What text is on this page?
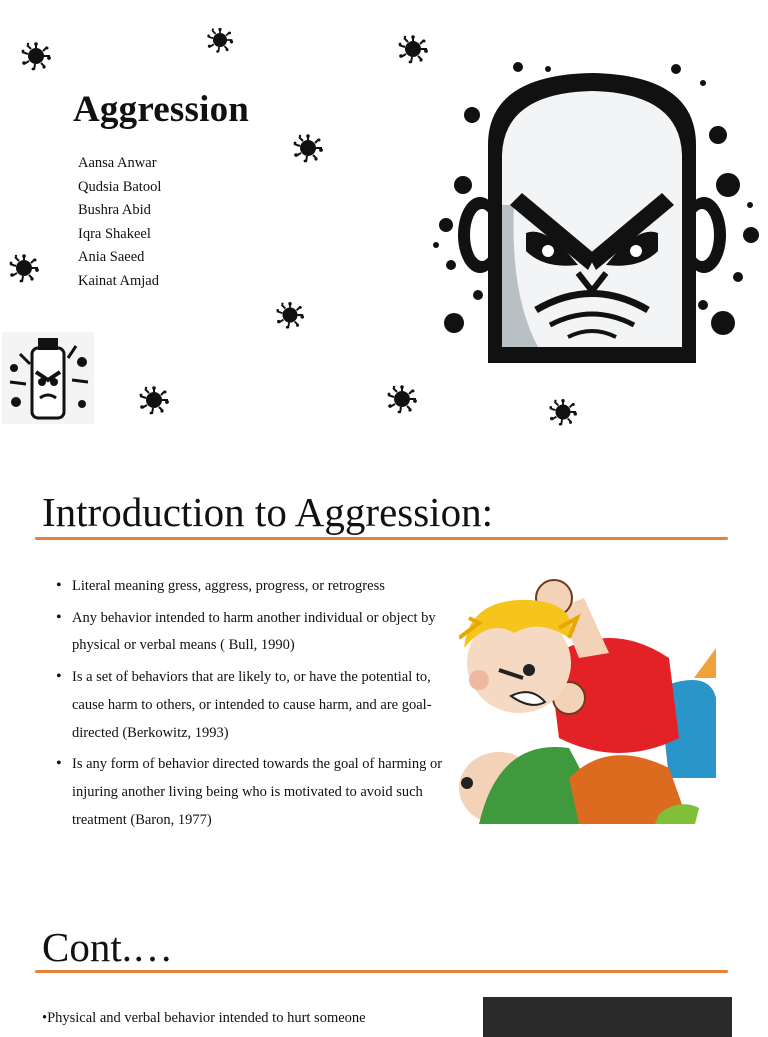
Aggression
Aansa Anwar
Qudsia Batool
Bushra Abid
Iqra Shakeel
Ania Saeed
Kainat Amjad
Introduction to Aggression:
• Literal meaning gress, aggress, progress, or retrogress
• Any behavior intended to harm another individual or object by physical or verbal means ( Bull, 1990)
• Is a set of behaviors that are likely to, or have the potential to, cause harm to others, or intended to cause harm, and are goal-directed (Berkowitz, 1993)
• Is any form of behavior directed towards the goal of harming or injuring another living being who is motivated to avoid such treatment (Baron, 1977)
Cont.…
•Physical and verbal behavior intended to hurt someone
